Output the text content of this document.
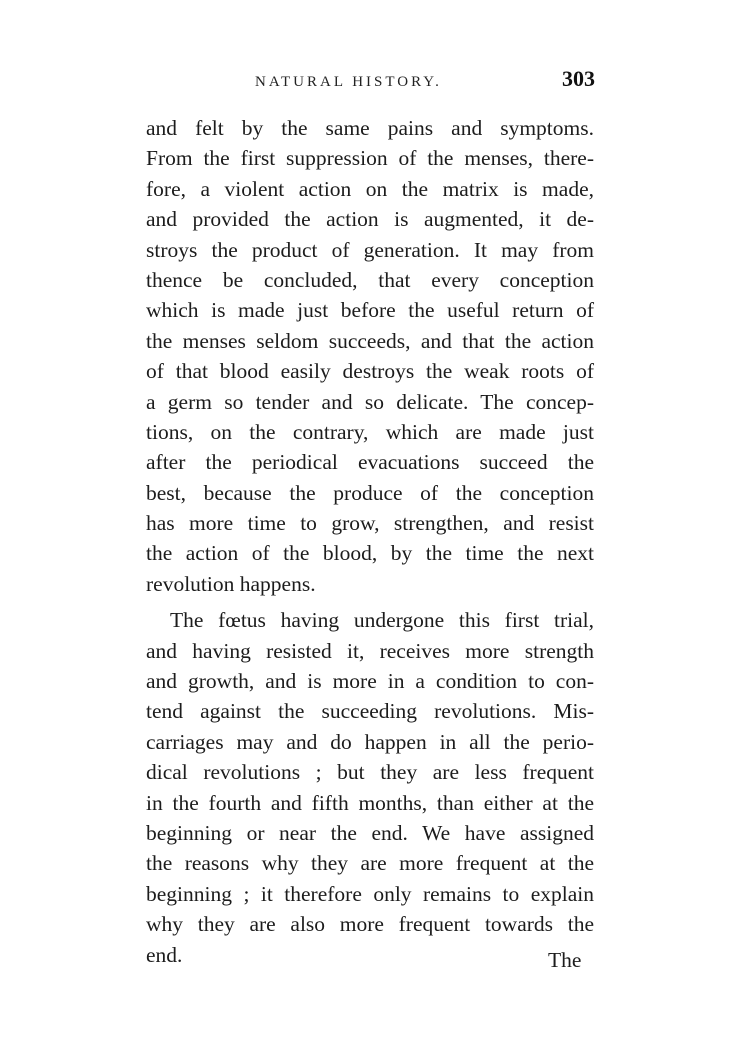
NATURAL HISTORY.	303
and felt by the same pains and symptoms.
From the first suppression of the menses, there-
fore, a violent action on the matrix is made,
and provided the action is augmented, it de-
stroys the product of generation. It may from
thence be concluded, that every conception
which is made just before the useful return of
the menses seldom succeeds, and that the action
of that blood easily destroys the weak roots of
a germ so tender and so delicate. The concep-
tions, on the contrary, which are made just
after the periodical evacuations succeed the
best, because the produce of the conception
has more time to grow, strengthen, and resist
the action of the blood, by the time the next
revolution happens.
The fœtus having undergone this first trial,
and having resisted it, receives more strength
and growth, and is more in a condition to con-
tend against the succeeding revolutions. Mis-
carriages may and do happen in all the perio-
dical revolutions ; but they are less frequent
in the fourth and fifth months, than either at the
beginning or near the end. We have assigned
the reasons why they are more frequent at the
beginning ; it therefore only remains to explain
why they are also more frequent towards the
end.	The
